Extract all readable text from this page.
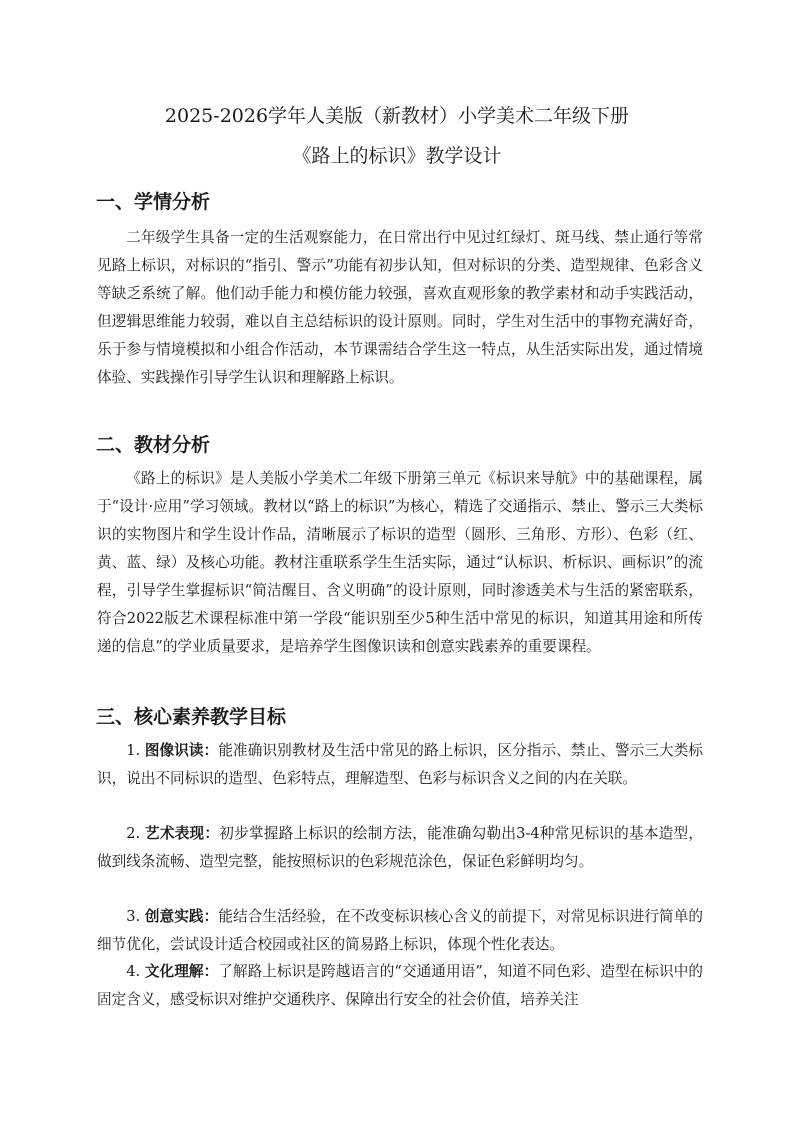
2025-2026学年人美版（新教材）小学美术二年级下册
《路上的标识》教学设计
一、学情分析

二年级学生具备一定的生活观察能力，在日常出行中见过红绿灯、斑马线、禁止通行等常见路上标识，对标识的“指引、警示”功能有初步认知，但对标识的分类、造型规律、色彩含义等缺乏系统了解。他们动手能力和模仿能力较强，喜欢直观形象的教学素材和动手实践活动，但逻辑思维能力较弱，难以自主总结标识的设计原则。同时，学生对生活中的事物充满好奇，乐于参与情境模拟和小组合作活动，本节课需结合学生这一特点，从生活实际出发，通过情境体验、实践操作引导学生认识和理解路上标识。

二、教材分析

《路上的标识》是人美版小学美术二年级下册第三单元《标识来导航》中的基础课程，属于“设计·应用”学习领域。教材以“路上的标识”为核心，精选了交通指示、禁止、警示三大类标识的实物图片和学生设计作品，清晰展示了标识的造型（圆形、三角形、方形）、色彩（红、黄、蓝、绿）及核心功能。教材注重联系学生生活实际，通过“认标识、析标识、画标识”的流程，引导学生掌握标识“简洁醒目、含义明确”的设计原则，同时渗透美术与生活的紧密联系，符合2022版艺术课程标准中第一学段“能识别至少5种生活中常见的标识，知道其用途和所传递的信息”的学业质量要求，是培养学生图像识读和创意实践素养的重要课程。

三、核心素养教学目标

1. 图像识读：能准确识别教材及生活中常见的路上标识，区分指示、禁止、警示三大类标识，说出不同标识的造型、色彩特点，理解造型、色彩与标识含义之间的内在关联。

2. 艺术表现：初步掌握路上标识的绘制方法，能准确勾勒出3-4种常见标识的基本造型，做到线条流畅、造型完整，能按照标识的色彩规范涂色，保证色彩鲜明均匀。

3. 创意实践：能结合生活经验，在不改变标识核心含义的前提下，对常见标识进行简单的细节优化，尝试设计适合校园或社区的简易路上标识，体现个性化表达。

4. 文化理解：了解路上标识是跨越语言的“交通通用语”，知道不同色彩、造型在标识中的固定含义，感受标识对维护交通秩序、保障出行安全的社会价值，培养关注
